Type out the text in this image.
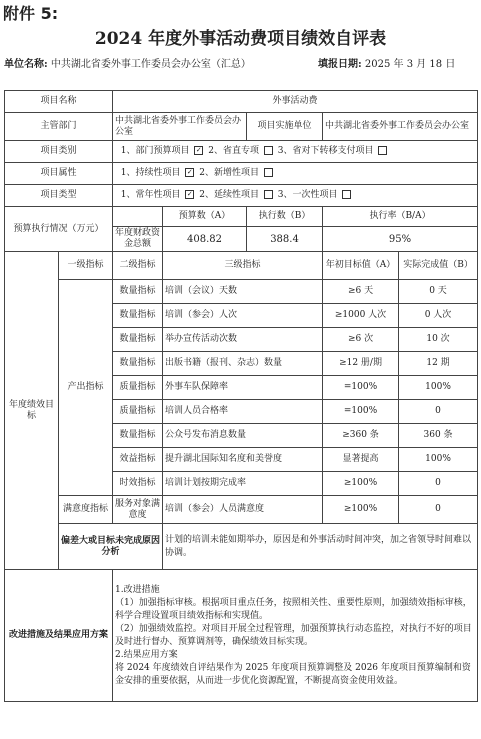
附件 5:
2024 年度外事活动费项目绩效自评表
单位名称: 中共湖北省委外事工作委员会办公室（汇总）	填报日期: 2025 年 3 月 18 日
项目名称		外事活动费				
主管部门		中共湖北省委外事工作委员会办公室		项目实施单位	中共湖北省委外事工作委员会办公室	
项目类别		1、部门预算项目 ✓ 2、省直专项 3、省对下转移支付项目				
项目属性		1、持续性项目 ✓ 2、新增性项目				
项目类型		1、常年性项目 ✓ 2、延续性项目 3、一次性项目				
预算执行情况（万元）			预算数（A）	执行数（B）	执行率（B/A）	
		年度财政资金总额	408.82	388.4	95%	
年度绩效目标	一级指标	二级指标	三级指标		年初目标值（A）	实际完成值（B）
	产出指标	数量指标	培训（会议）天数		≥6 天	0 天
		数量指标	培训（参会）人次		≥1000 人次	0 人次
		数量指标	举办宣传活动次数		≥6 次	10 次
		数量指标	出版书籍（报刊、杂志）数量		≥12 册/期	12 期
		质量指标	外事车队保障率		=100%	100%
		质量指标	培训人员合格率		=100%	0
		数量指标	公众号发布消息数量		≥360 条	360 条
		效益指标	提升湖北国际知名度和美誉度		显著提高	100%
		时效指标	培训计划按期完成率		≥100%	0
	满意度指标	服务对象满意度	培训（参会）人员满意度		≥100%	0
	偏差大或目标未完成原因分析		计划的培训未能如期举办，原因是和外事活动时间冲突，加之省领导时间难以协调。			
改进措施及结果应用方案		1.改进措施
（1）加强指标审核。根据项目重点任务，按照相关性、重要性原则，加强绩效指标审核，科学合理设置项目绩效指标和实现值。
（2）加强绩效监控。对项目开展全过程管理，加强预算执行动态监控，对执行不好的项目及时进行督办、预算调剂等，确保绩效目标实现。
2.结果应用方案
将 2024 年度绩效自评结果作为 2025 年度项目预算调整及 2026 年度项目预算编制和资金安排的重要依据，从而进一步优化资源配置，不断提高资金使用效益。				
